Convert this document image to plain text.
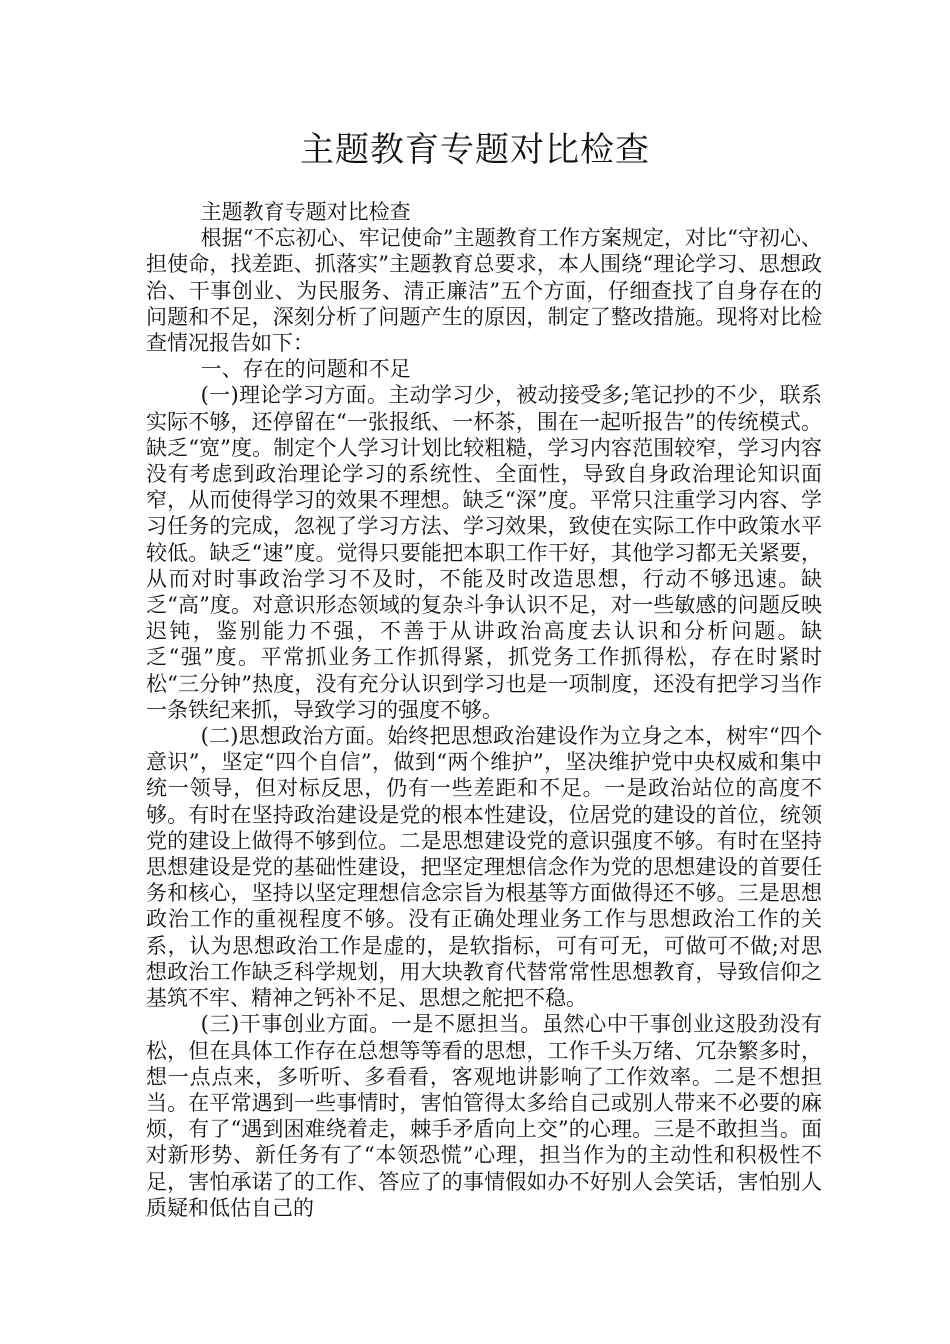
主题教育专题对比检查

主题教育专题对比检查

根据“不忘初心、牢记使命”主题教育工作方案规定，对比“守初心、担使命，找差距、抓落实”主题教育总要求，本人围绕“理论学习、思想政治、干事创业、为民服务、清正廉洁”五个方面，仔细查找了自身存在的问题和不足，深刻分析了问题产生的原因，制定了整改措施。现将对比检查情况报告如下：

一、存在的问题和不足

(一)理论学习方面。主动学习少，被动接受多;笔记抄的不少，联系实际不够，还停留在“一张报纸、一杯茶，围在一起听报告”的传统模式。缺乏“宽”度。制定个人学习计划比较粗糙，学习内容范围较窄，学习内容没有考虑到政治理论学习的系统性、全面性，导致自身政治理论知识面窄，从而使得学习的效果不理想。缺乏“深”度。平常只注重学习内容、学习任务的完成，忽视了学习方法、学习效果，致使在实际工作中政策水平较低。缺乏“速”度。觉得只要能把本职工作干好，其他学习都无关紧要，从而对时事政治学习不及时，不能及时改造思想，行动不够迅速。缺乏“高”度。对意识形态领域的复杂斗争认识不足，对一些敏感的问题反映迟钝，鉴别能力不强，不善于从讲政治高度去认识和分析问题。缺乏“强”度。平常抓业务工作抓得紧，抓党务工作抓得松，存在时紧时松“三分钟”热度，没有充分认识到学习也是一项制度，还没有把学习当作一条铁纪来抓，导致学习的强度不够。

(二)思想政治方面。始终把思想政治建设作为立身之本，树牢“四个意识”，坚定“四个自信”，做到“两个维护”，坚决维护党中央权威和集中统一领导，但对标反思，仍有一些差距和不足。一是政治站位的高度不够。有时在坚持政治建设是党的根本性建设，位居党的建设的首位，统领党的建设上做得不够到位。二是思想建设党的意识强度不够。有时在坚持思想建设是党的基础性建设，把坚定理想信念作为党的思想建设的首要任务和核心，坚持以坚定理想信念宗旨为根基等方面做得还不够。三是思想政治工作的重视程度不够。没有正确处理业务工作与思想政治工作的关系，认为思想政治工作是虚的，是软指标，可有可无，可做可不做;对思想政治工作缺乏科学规划，用大块教育代替常常性思想教育，导致信仰之基筑不牢、精神之钙补不足、思想之舵把不稳。

(三)干事创业方面。一是不愿担当。虽然心中干事创业这股劲没有松，但在具体工作存在总想等等看的思想，工作千头万绪、冗杂繁多时，想一点点来，多听听、多看看，客观地讲影响了工作效率。二是不想担当。在平常遇到一些事情时，害怕管得太多给自己或别人带来不必要的麻烦，有了“遇到困难绕着走，棘手矛盾向上交”的心理。三是不敢担当。面对新形势、新任务有了“本领恐慌”心理，担当作为的主动性和积极性不足，害怕承诺了的工作、答应了的事情假如办不好别人会笑话，害怕别人质疑和低估自己的
